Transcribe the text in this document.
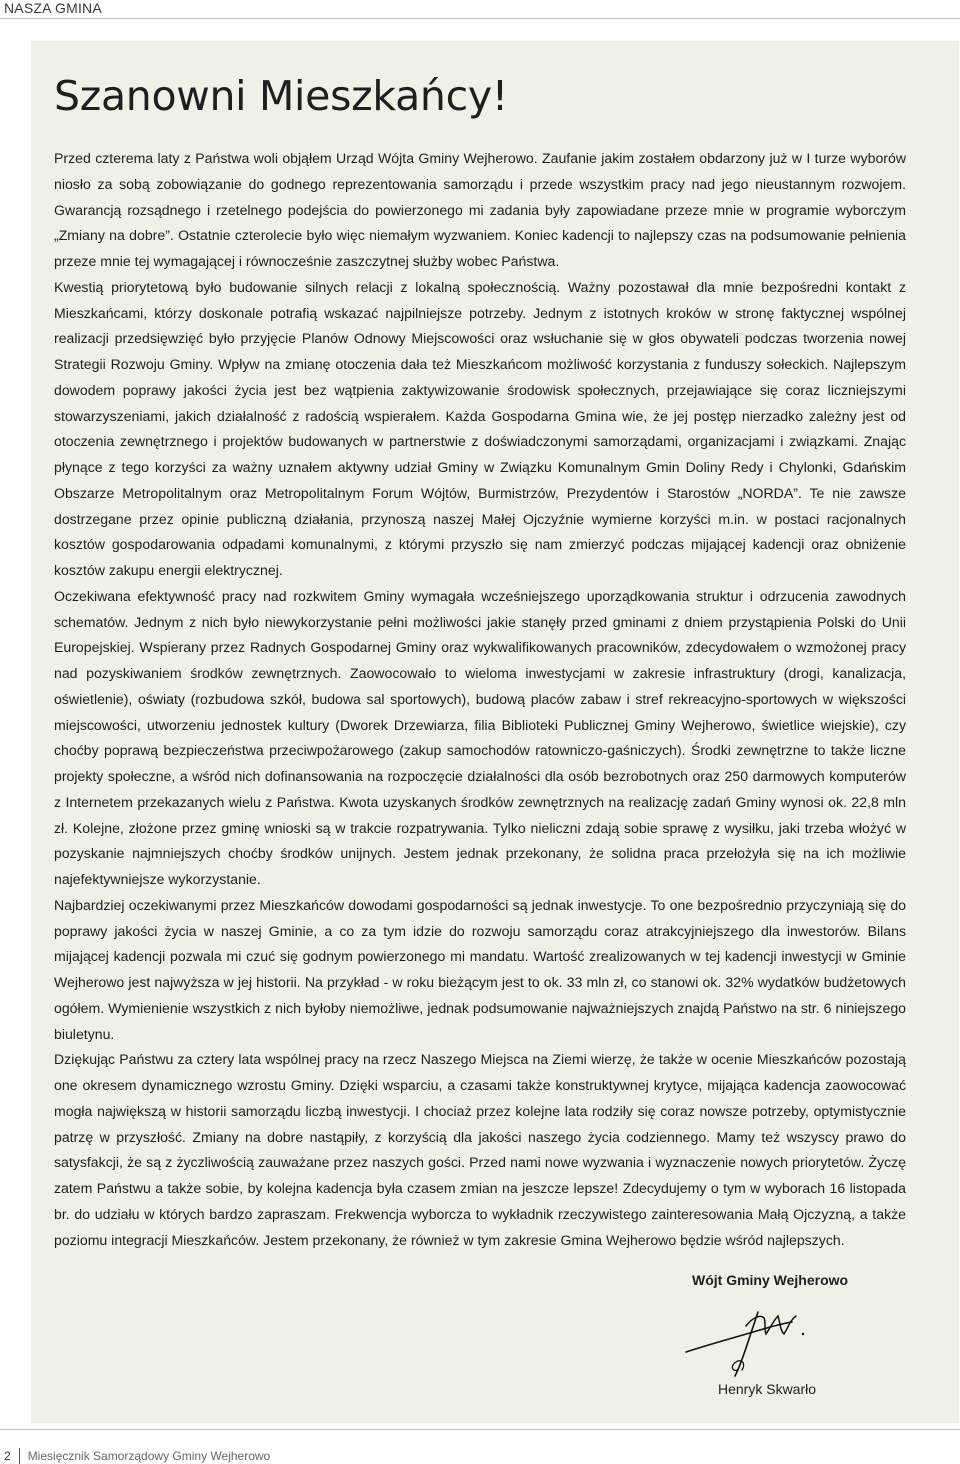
NASZA GMINA
Szanowni Mieszkańcy!

Przed czterema laty z Państwa woli objąłem Urząd Wójta Gminy Wejherowo. Zaufanie jakim zostałem obdarzony już w I turze wyborów niosło za sobą zobowiązanie do godnego reprezentowania samorządu i przede wszystkim pracy nad jego nieustannym rozwojem. Gwarancją rozsądnego i rzetelnego podejścia do powierzonego mi zadania były zapowiadane przeze mnie w programie wyborczym „Zmiany na dobre”. Ostatnie czterolecie było więc niemałym wyzwaniem. Koniec kadencji to najlepszy czas na podsumowanie pełnienia przeze mnie tej wymagającej i równocześnie zaszczytnej służby wobec Państwa.

Kwestią priorytetową było budowanie silnych relacji z lokalną społecznością. Ważny pozostawał dla mnie bezpośredni kontakt z Mieszkańcami, którzy doskonale potrafią wskazać najpilniejsze potrzeby. Jednym z istotnych kroków w stronę faktycznej wspólnej realizacji przedsięwzięć było przyjęcie Planów Odnowy Miejscowości oraz wsłuchanie się w głos obywateli podczas tworzenia nowej Strategii Rozwoju Gminy. Wpływ na zmianę otoczenia dała też Mieszkańcom możliwość korzystania z funduszy sołeckich. Najlepszym dowodem poprawy jakości życia jest bez wątpienia zaktywizowanie środowisk społecznych, przejawiające się coraz liczniejszymi stowarzyszeniami, jakich działalność z radością wspierałem. Każda Gospodarna Gmina wie, że jej postęp nierzadko zależny jest od otoczenia zewnętrznego i projektów budowanych w partnerstwie z doświadczonymi samorządami, organizacjami i związkami. Znając płynące z tego korzyści za ważny uznałem aktywny udział Gminy w Związku Komunalnym Gmin Doliny Redy i Chylonki, Gdańskim Obszarze Metropolitalnym oraz Metropolitalnym Forum Wójtów, Burmistrzów, Prezydentów i Starostów „NORDA”. Te nie zawsze dostrzegane przez opinie publiczną działania, przynoszą naszej Małej Ojczyźnie wymierne korzyści m.in. w postaci racjonalnych kosztów gospodarowania odpadami komunalnymi, z którymi przyszło się nam zmierzyć podczas mijającej kadencji oraz obniżenie kosztów zakupu energii elektrycznej.

Oczekiwana efektywność pracy nad rozkwitem Gminy wymagała wcześniejszego uporządkowania struktur i odrzucenia zawodnych schematów. Jednym z nich było niewykorzystanie pełni możliwości jakie stanęły przed gminami z dniem przystąpienia Polski do Unii Europejskiej. Wspierany przez Radnych Gospodarnej Gminy oraz wykwalifikowanych pracowników, zdecydowałem o wzmożonej pracy nad pozyskiwaniem środków zewnętrznych. Zaowocowało to wieloma inwestycjami w zakresie infrastruktury (drogi, kanalizacja, oświetlenie), oświaty (rozbudowa szkół, budowa sal sportowych), budową placów zabaw i stref rekreacyjno-sportowych w większości miejscowości, utworzeniu jednostek kultury (Dworek Drzewiarza, filia Biblioteki Publicznej Gminy Wejherowo, świetlice wiejskie), czy choćby poprawą bezpieczeństwa przeciwpożarowego (zakup samochodów ratowniczo-gaśniczych). Środki zewnętrzne to także liczne projekty społeczne, a wśród nich dofinansowania na rozpoczęcie działalności dla osób bezrobotnych oraz 250 darmowych komputerów z Internetem przekazanych wielu z Państwa. Kwota uzyskanych środków zewnętrznych na realizację zadań Gminy wynosi ok. 22,8 mln zł. Kolejne, złożone przez gminę wnioski są w trakcie rozpatrywania. Tylko nieliczni zdają sobie sprawę z wysiłku, jaki trzeba włożyć w pozyskanie najmniejszych choćby środków unijnych. Jestem jednak przekonany, że solidna praca przełożyła się na ich możliwie najefektywniejsze wykorzystanie.

Najbardziej oczekiwanymi przez Mieszkańców dowodami gospodarności są jednak inwestycje. To one bezpośrednio przyczyniają się do poprawy jakości życia w naszej Gminie, a co za tym idzie do rozwoju samorządu coraz atrakcyjniejszego dla inwestorów. Bilans mijającej kadencji pozwala mi czuć się godnym powierzonego mi mandatu. Wartość zrealizowanych w tej kadencji inwestycji w Gminie Wejherowo jest najwyższa w jej historii. Na przykład - w roku bieżącym jest to ok. 33 mln zł, co stanowi ok. 32% wydatków budżetowych ogółem. Wymienienie wszystkich z nich byłoby niemożliwe, jednak podsumowanie najważniejszych znajdą Państwo na str. 6 niniejszego biuletynu.

Dziękując Państwu za cztery lata wspólnej pracy na rzecz Naszego Miejsca na Ziemi wierzę, że także w ocenie Mieszkańców pozostają one okresem dynamicznego wzrostu Gminy. Dzięki wsparciu, a czasami także konstruktywnej krytyce, mijająca kadencja zaowocować mogła największą w historii samorządu liczbą inwestycji. I chociaż przez kolejne lata rodziły się coraz nowsze potrzeby, optymistycznie patrzę w przyszłość. Zmiany na dobre nastąpiły, z korzyścią dla jakości naszego życia codziennego. Mamy też wszyscy prawo do satysfakcji, że są z życzliwością zauważane przez naszych gości. Przed nami nowe wyzwania i wyznaczenie nowych priorytetów. Życzę zatem Państwu a także sobie, by kolejna kadencja była czasem zmian na jeszcze lepsze! Zdecydujemy o tym w wyborach 16 listopada br. do udziału w których bardzo zapraszam. Frekwencja wyborcza to wykładnik rzeczywistego zainteresowania Małą Ojczyzną, a także poziomu integracji Mieszkańców. Jestem przekonany, że również w tym zakresie Gmina Wejherowo będzie wśród najlepszych.

Wójt Gminy Wejherowo
Henryk Skwarło
2 Miesięcznik Samorządowy Gminy Wejherowo
